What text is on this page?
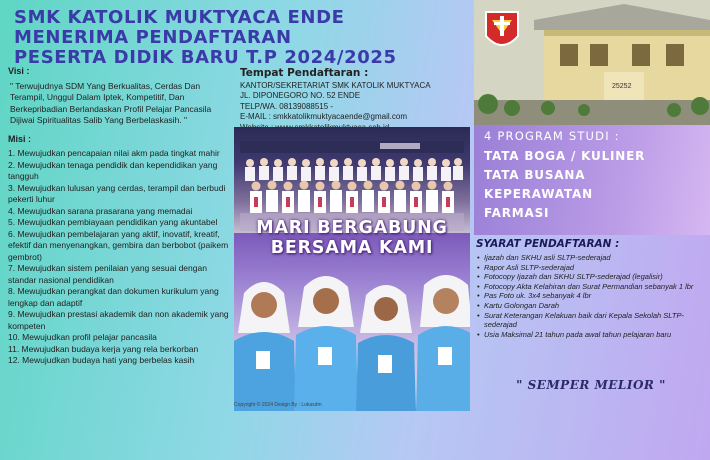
SMK KATOLIK MUKTYACA ENDE
MENERIMA PENDAFTARAN
PESERTA DIDIK BARU T.P 2024/2025
Visi :
" Terwujudnya SDM Yang Berkualitas, Cerdas Dan Terampil, Unggul Dalam Iptek, Kompetitif, Dan Berkepribadian Berlandaskan Profil Pelajar Pancasila Dijiwai Spiritualitas Salib Yang Berbelaskasih. "
Misi :
1. Mewujudkan pencapaian nilai akm pada tingkat mahir
2. Mewujudkan tenaga pendidik dan kependidikan yang tangguh
3. Mewujudkan lulusan yang cerdas, terampil dan berbudi pekerti luhur
4. Mewujudkan sarana prasarana yang memadai
5. Mewujudkan pembiayaan pendidikan yang akuntabel
6. Mewujudkan pembelajaran yang aktif, inovatif, kreatif, efektif dan menyenangkan, gembira dan berbobot (paikem gembrot)
7. Mewujudkan sistem penilaian yang sesuai dengan standar nasional pendidikan
8. Mewujudkan perangkat dan dokumen kurikulum yang lengkap dan adaptif
9. Mewujudkan prestasi akademik dan non akademik yang kompeten
10. Mewujudkan profil pelajar pancasila
11. Mewujudkan budaya kerja yang rela berkorban
12. Mewujudkan budaya hati yang berbelas kasih
Tempat Pendaftaran :
KANTOR/SEKRETARIAT SMK KATOLIK MUKTYACA
JL. DIPONEGORO NO. 52 ENDE
TELP/WA. 08139088515 -
E-MAIL : smkkatolikmuktyacaende@gmail.com
Copyright © 2024 Design By : Lukasdm
MARI BERGABUNG
BERSAMA KAMI
25252
4 PROGRAM STUDI :
TATA BOGA / KULINER
TATA BUSANA
KEPERAWATAN
FARMASI
SYARAT PENDAFTARAN :
• Ijazah dan SKHU asli SLTP-sederajad
• Rapor Asli SLTP-sederajad
• Fotocopy Ijazah dan SKHU SLTP-sederajad (legalisir)
• Fotocopy Akta Kelahiran dan Surat Permandian sebanyak 1 lbr
• Pas Foto uk. 3x4 sebanyak 4 lbr
• Kartu Golongan Darah
• Surat Keterangan Kelakuan baik dari Kepala Sekolah SLTP-sederajad
• Usia Maksimal 21 tahun pada awal tahun pelajaran baru
" SEMPER MELIOR "
